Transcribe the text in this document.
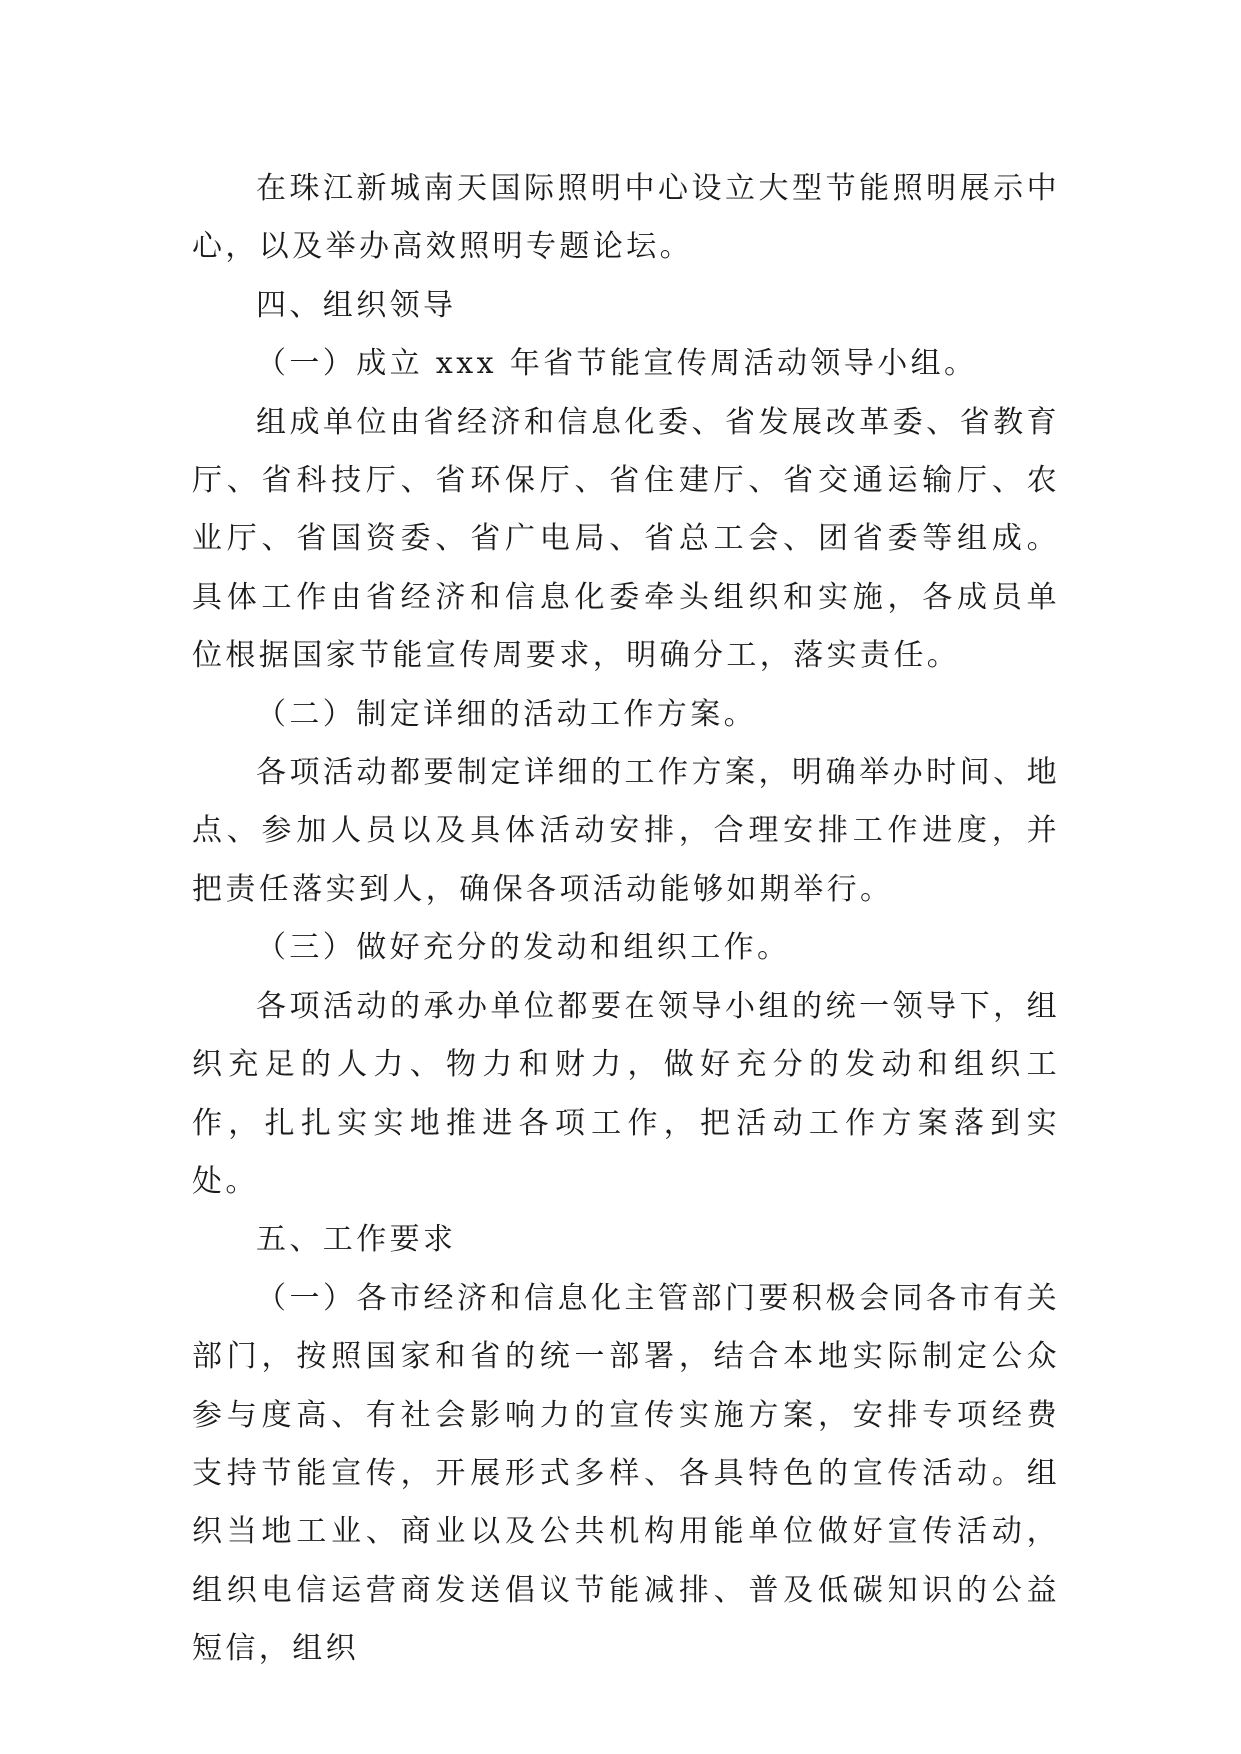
在珠江新城南天国际照明中心设立大型节能照明展示中心，以及举办高效照明专题论坛。

四、组织领导

（一）成立 xxx 年省节能宣传周活动领导小组。

组成单位由省经济和信息化委、省发展改革委、省教育厅、省科技厅、省环保厅、省住建厅、省交通运输厅、农业厅、省国资委、省广电局、省总工会、团省委等组成。具体工作由省经济和信息化委牵头组织和实施，各成员单位根据国家节能宣传周要求，明确分工，落实责任。

（二）制定详细的活动工作方案。

各项活动都要制定详细的工作方案，明确举办时间、地点、参加人员以及具体活动安排，合理安排工作进度，并把责任落实到人，确保各项活动能够如期举行。

（三）做好充分的发动和组织工作。

各项活动的承办单位都要在领导小组的统一领导下，组织充足的人力、物力和财力，做好充分的发动和组织工作，扎扎实实地推进各项工作，把活动工作方案落到实处。

五、工作要求

（一）各市经济和信息化主管部门要积极会同各市有关部门，按照国家和省的统一部署，结合本地实际制定公众参与度高、有社会影响力的宣传实施方案，安排专项经费支持节能宣传，开展形式多样、各具特色的宣传活动。组织当地工业、商业以及公共机构用能单位做好宣传活动，组织电信运营商发送倡议节能减排、普及低碳知识的公益短信，组织
